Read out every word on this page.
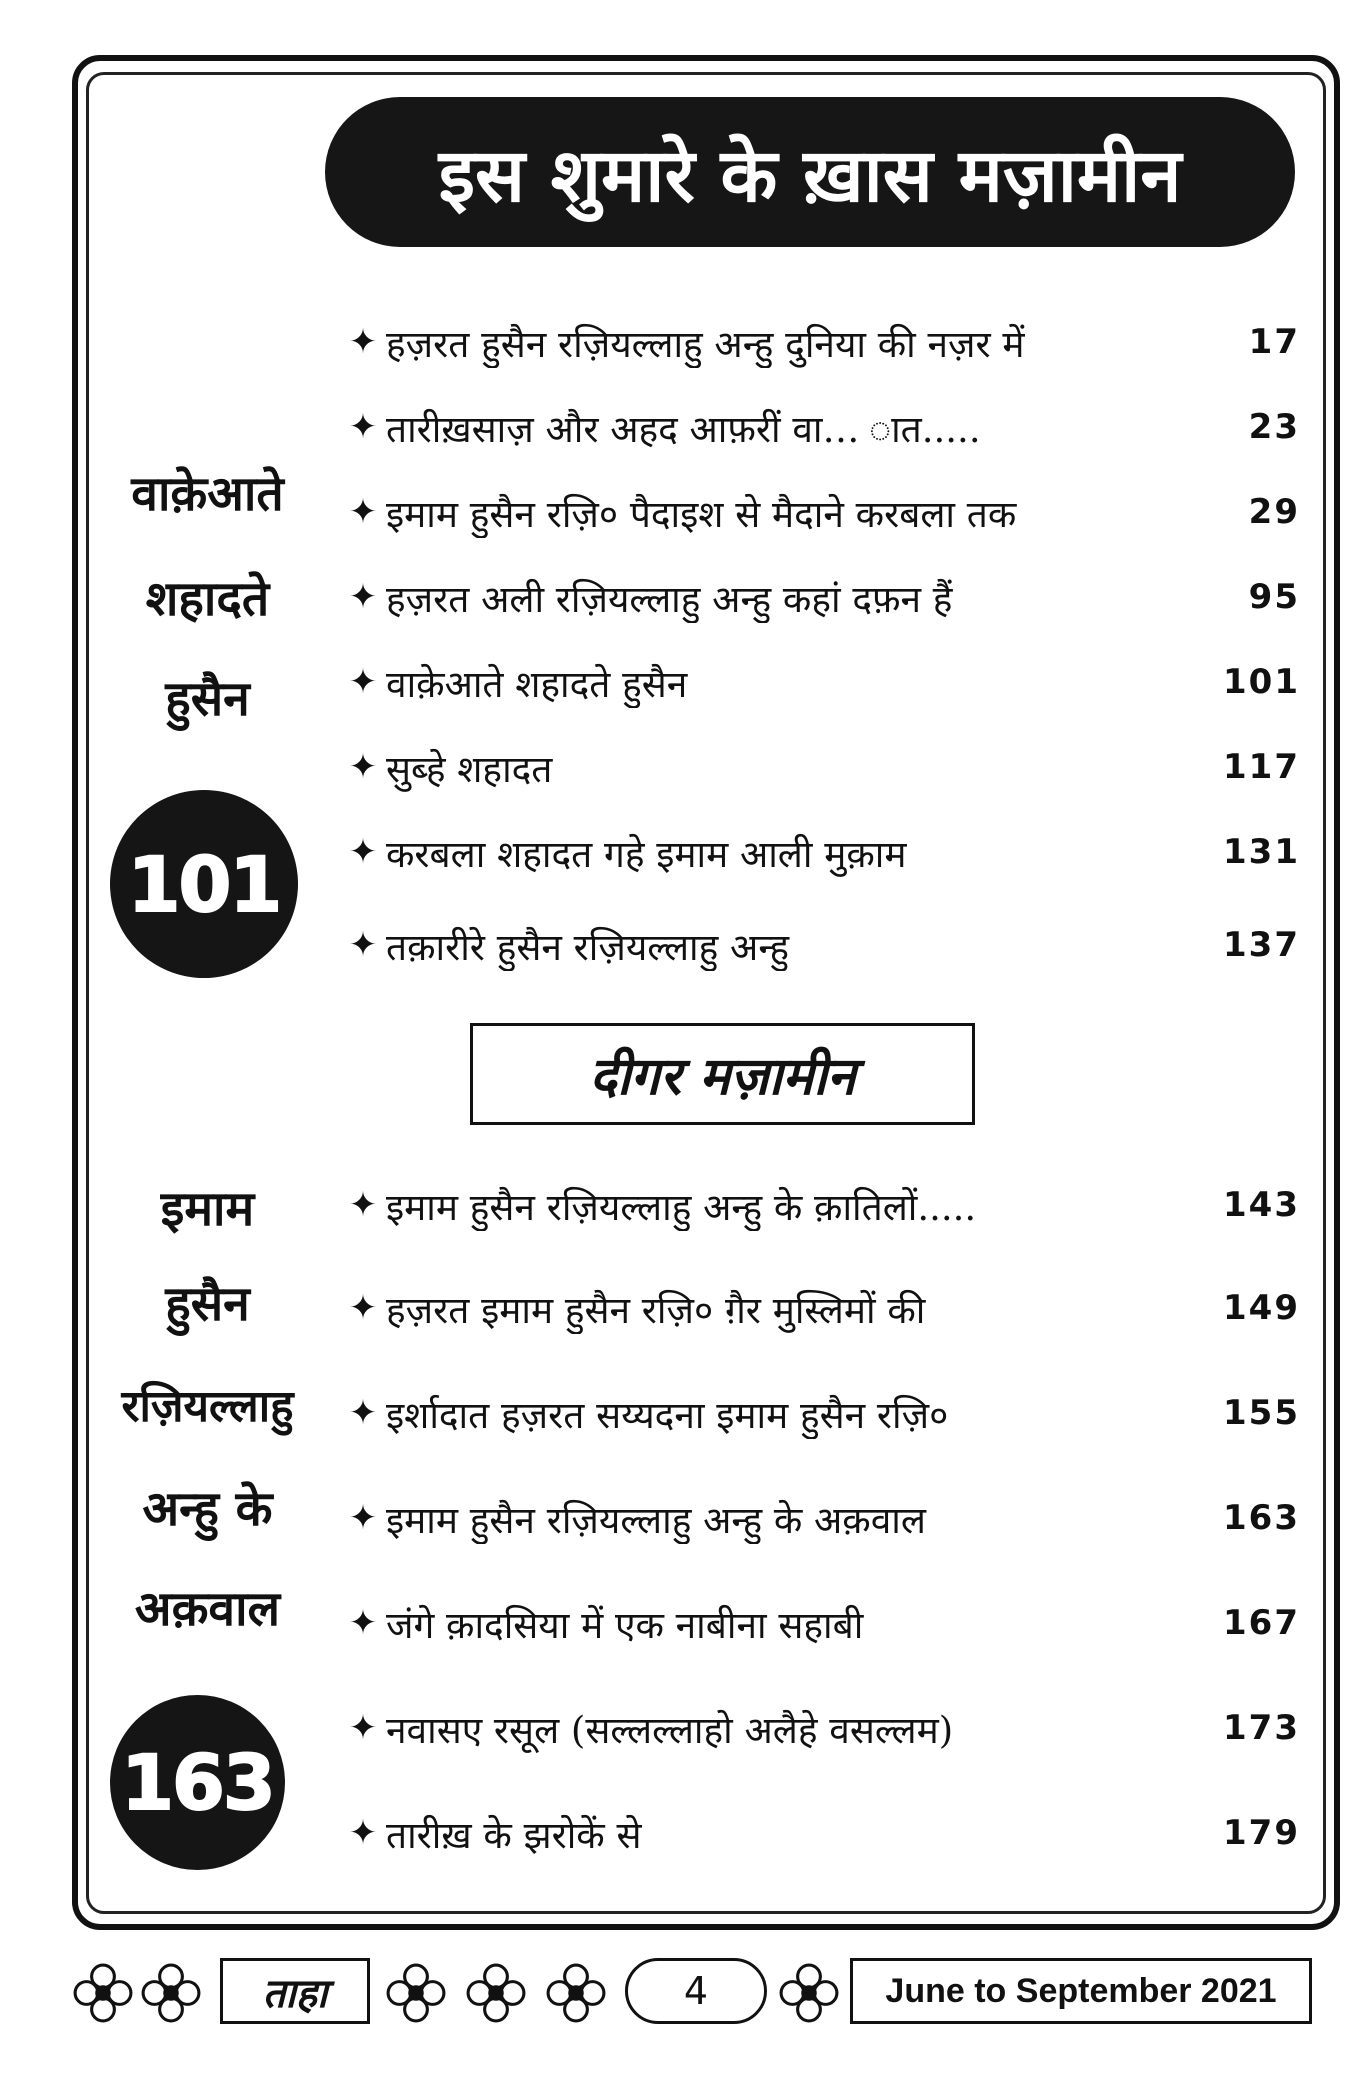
इस शुमारे के ख़ास मज़ामीन
वाक़ेआते
शहादते
हुसैन
101
✦ हज़रत हुसैन रज़ियल्लाहु अन्हु दुनिया की नज़र में	17
✦ तारीख़साज़ और अहद आफ़रीं वा… ात.....	23
✦ इमाम हुसैन रज़ि० पैदाइश से मैदाने करबला तक	29
✦ हज़रत अली रज़ियल्लाहु अन्हु कहां दफ़न हैं	95
✦ वाक़ेआते शहादते हुसैन	101
✦ सुब्हे शहादत	117
✦ करबला शहादत गहे इमाम आली मुक़ाम	131
✦ तक़ारीरे हुसैन रज़ियल्लाहु अन्हु	137
दीगर मज़ामीन
इमाम
हुसैन
रज़ियल्लाहु
अन्हु के
अक़वाल
163
✦ इमाम हुसैन रज़ियल्लाहु अन्हु के क़ातिलों.....	143
✦ हज़रत इमाम हुसैन रज़ि० ग़ैर मुस्लिमों की	149
✦ इर्शादात हज़रत सय्यदना इमाम हुसैन रज़ि०	155
✦ इमाम हुसैन रज़ियल्लाहु अन्हु के अक़वाल	163
✦ जंगे क़ादसिया में एक नाबीना सहाबी	167
✦ नवासए रसूल (सल्लल्लाहो अलैहे वसल्लम)	173
✦ तारीख़ के झरोकें से	179
ताहा	4	June to September 2021
